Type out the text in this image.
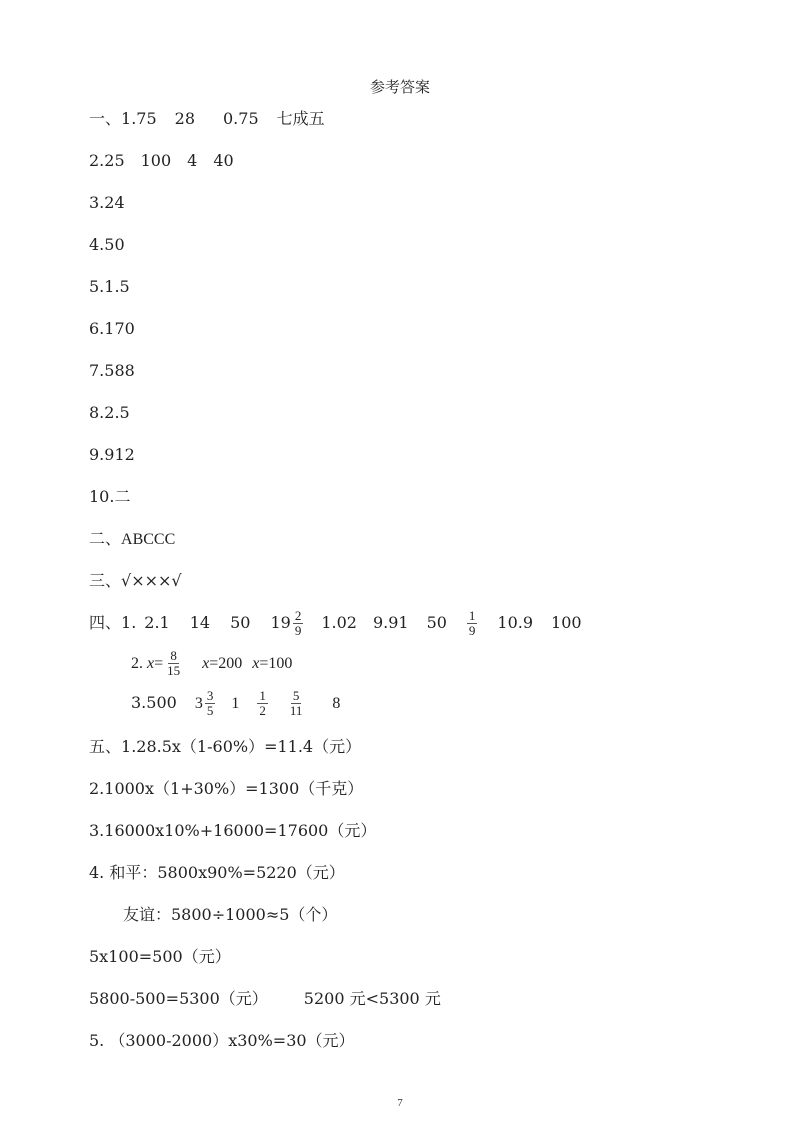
参考答案
一、1.75 28 0.75 七成五
2.25 100 4 40
3.24
4.50
5.1.5
6.170
7.588
8.2.5
9.912
10.二
二、ABCCC
三、√×××√
四、1. 2.1 14 50 $19 \frac{2}{9} 1.02$ 9.91 $50 \frac{1}{9} 10.9$ 100
2. $x= \frac{8}{15} x=200$ x=100
3.500 $3 \frac{3}{5} 1 \frac{1}{2} \frac{5}{11} 8$
五、1.28.5x（1-60%）=11.4（元）
2.1000x（1+30%）=1300（千克）
3.16000x10%+16000=17600（元）
4. 和平：5800x90%=5220（元）
友谊：5800÷1000≈5（个）
5x100=500（元）
5800-500=5300（元） 5200 元<5300 元
5. （3000-2000）x30%=30（元）
7
